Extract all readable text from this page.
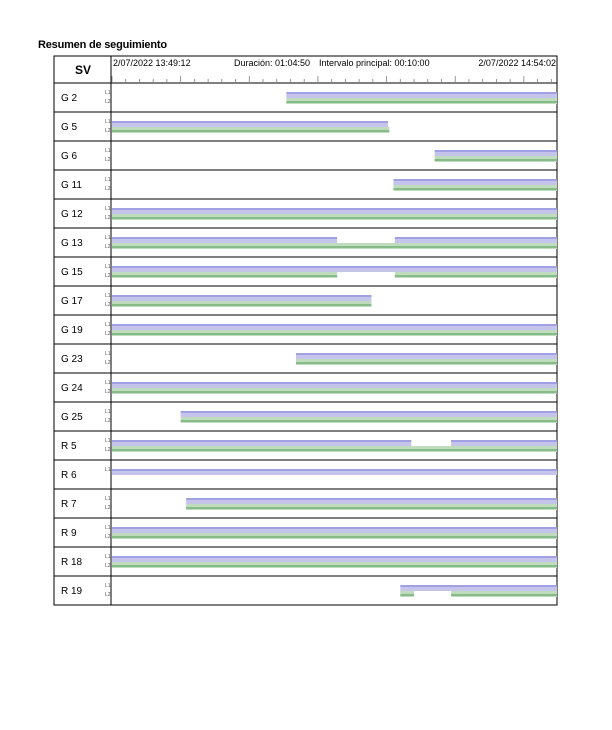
Resumen de seguimiento
SV 2/07/2022 13:49:12	Duración: 01:04:50 Intervalo principal: 00:10:00	2/07/2022 14:54:02
G 2	L1
L2
G 5	L1
L2
G 6	L1
L2
G 11	L1
L2
G 12	L1
L2
G 13	L1
L2
G 15	L1
L2
G 17	L1
L2
G 19	L1
L2
G 23	L1
L2
G 24	L1
L2
G 25	L1
L2
R 5	L1
L2
R 6	L1
R 7	L1
L2
R 9	L1
L2
R 18	L1
L2
R 19	L1
L2
